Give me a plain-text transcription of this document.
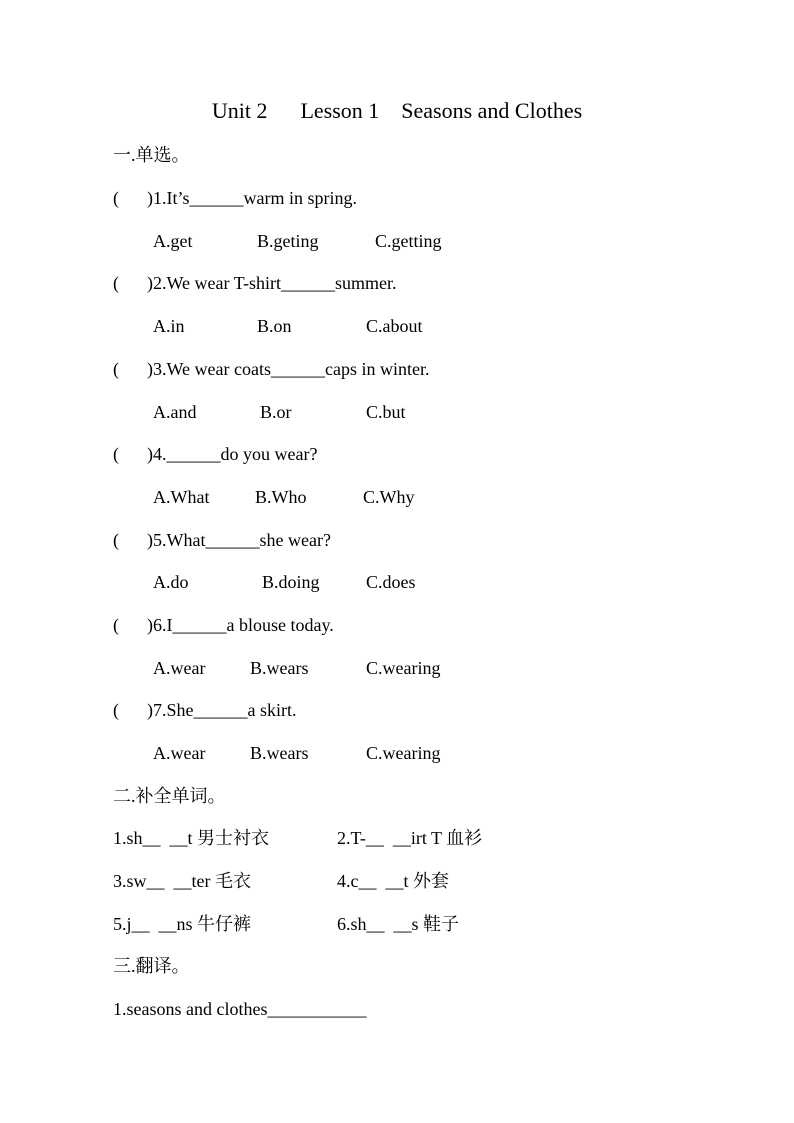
Unit 2      Lesson 1    Seasons and Clothes
一.单选。
( )1.It’s______warm in spring.
A.get	B.geting	C.getting
( )2.We wear T-shirt______summer.
A.in	B.on	C.about
( )3.We wear coats______caps in winter.
A.and	B.or	C.but
( )4.______do you wear?
A.What	B.Who	C.Why
( )5.What______she wear?
A.do	B.doing	C.does
( )6.I______a blouse today.
A.wear B.wears	C.wearing
( )7.She______a skirt.
A.wear B.wears	C.wearing
二.补全单词。
1.sh__  __t 男士衬衣	2.T-__  __irt T 血衫
3.sw__  __ter 毛衣	4.c__  __t 外套
5.j__  __ns 牛仔裤	6.sh__  __s 鞋子
三.翻译。
1.seasons and clothes___________
